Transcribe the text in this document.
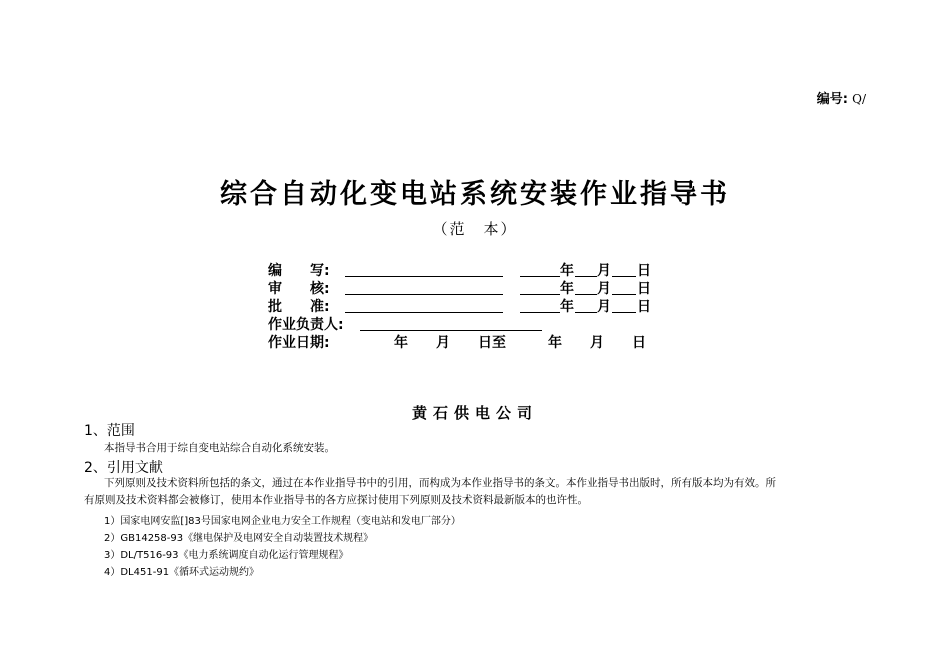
编号: Q/
综合自动化变电站系统安装作业指导书
（范　本）
编　　写:	年 月 日
审　　核:	年 月 日
批　　准:	年 月 日
作业负责人:
作业日期:	年　　月　　日至　　　年　　月　　日
黄石供电公司
1、范围
本指导书合用于综自变电站综合自动化系统安装。
2、引用文献
下列原则及技术资料所包括的条文，通过在本作业指导书中的引用，而构成为本作业指导书的条文。本作业指导书出版时，所有版本均为有效。所
有原则及技术资料都会被修订，使用本作业指导书的各方应探讨使用下列原则及技术资料最新版本的也许性。
1）国家电网安监[]83号国家电网企业电力安全工作规程（变电站和发电厂部分）
2）GB14258-93《继电保护及电网安全自动装置技术规程》
3）DL/T516-93《电力系统调度自动化运行管理规程》
4）DL451-91《循环式运动规约》
